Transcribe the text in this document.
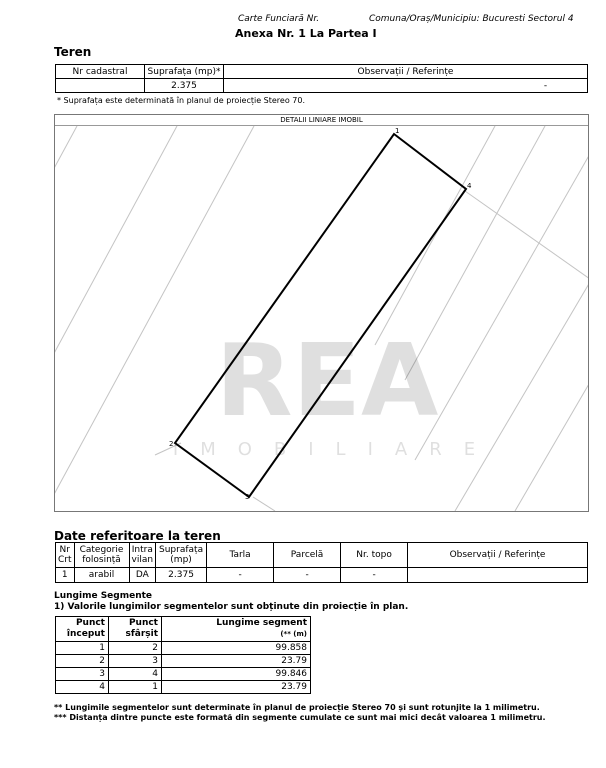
Carte Funciară Nr.	Comuna/Oraș/Municipiu: Bucuresti Sectorul 4
Anexa Nr. 1 La Partea I
Teren
Nr cadastral	Suprafața (mp)*	Observații / Referințe
	2.375	-
* Suprafața este determinată în planul de proiecție Stereo 70.
DETALII LINIARE IMOBIL
REA
IMOBILIARE
1
2
3
4
Date referitoare la teren
Nr Crt	Categorie folosință	Intra vilan	Suprafața (mp)	Tarla	Parcelă	Nr. topo	Observații / Referințe
1	arabil	DA	2.375	-	-	-	
Lungime Segmente
1) Valorile lungimilor segmentelor sunt obținute din proiecție în plan.
Punct început	Punct sfârșit	Lungime segment
(** (m)

1	2	99.858
2	3	23.79
3	4	99.846
4	1	23.79
** Lungimile segmentelor sunt determinate în planul de proiecție Stereo 70 și sunt rotunjite la 1 milimetru.
*** Distanța dintre puncte este formată din segmente cumulate ce sunt mai mici decât valoarea 1 milimetru.
